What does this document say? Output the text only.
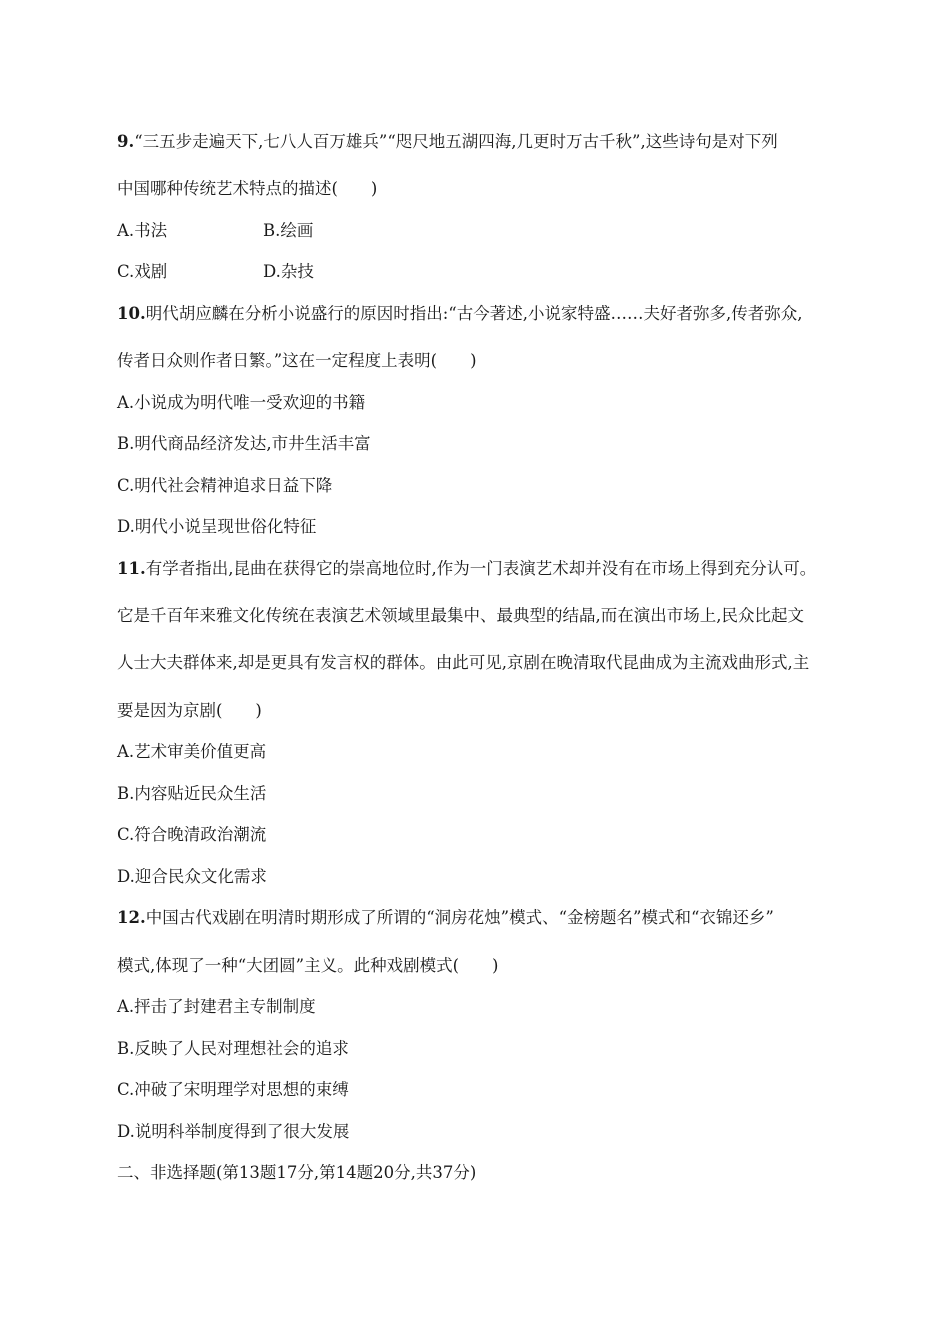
9.“三五步走遍天下,七八人百万雄兵”“咫尺地五湖四海,几更时万古千秋”,这些诗句是对下列
中国哪种传统艺术特点的描述(　　)
A.书法	B.绘画
C.戏剧	D.杂技
10.明代胡应麟在分析小说盛行的原因时指出:“古今著述,小说家特盛……夫好者弥多,传者弥众,
传者日众则作者日繁。”这在一定程度上表明(　　)
A.小说成为明代唯一受欢迎的书籍
B.明代商品经济发达,市井生活丰富
C.明代社会精神追求日益下降
D.明代小说呈现世俗化特征
11.有学者指出,昆曲在获得它的崇高地位时,作为一门表演艺术却并没有在市场上得到充分认可。
它是千百年来雅文化传统在表演艺术领域里最集中、最典型的结晶,而在演出市场上,民众比起文
人士大夫群体来,却是更具有发言权的群体。由此可见,京剧在晚清取代昆曲成为主流戏曲形式,主
要是因为京剧(　　)
A.艺术审美价值更高
B.内容贴近民众生活
C.符合晚清政治潮流
D.迎合民众文化需求
12.中国古代戏剧在明清时期形成了所谓的“洞房花烛”模式、“金榜题名”模式和“衣锦还乡”
模式,体现了一种“大团圆”主义。此种戏剧模式(　　)
A.抨击了封建君主专制制度
B.反映了人民对理想社会的追求
C.冲破了宋明理学对思想的束缚
D.说明科举制度得到了很大发展
二、非选择题(第13题17分,第14题20分,共37分)
